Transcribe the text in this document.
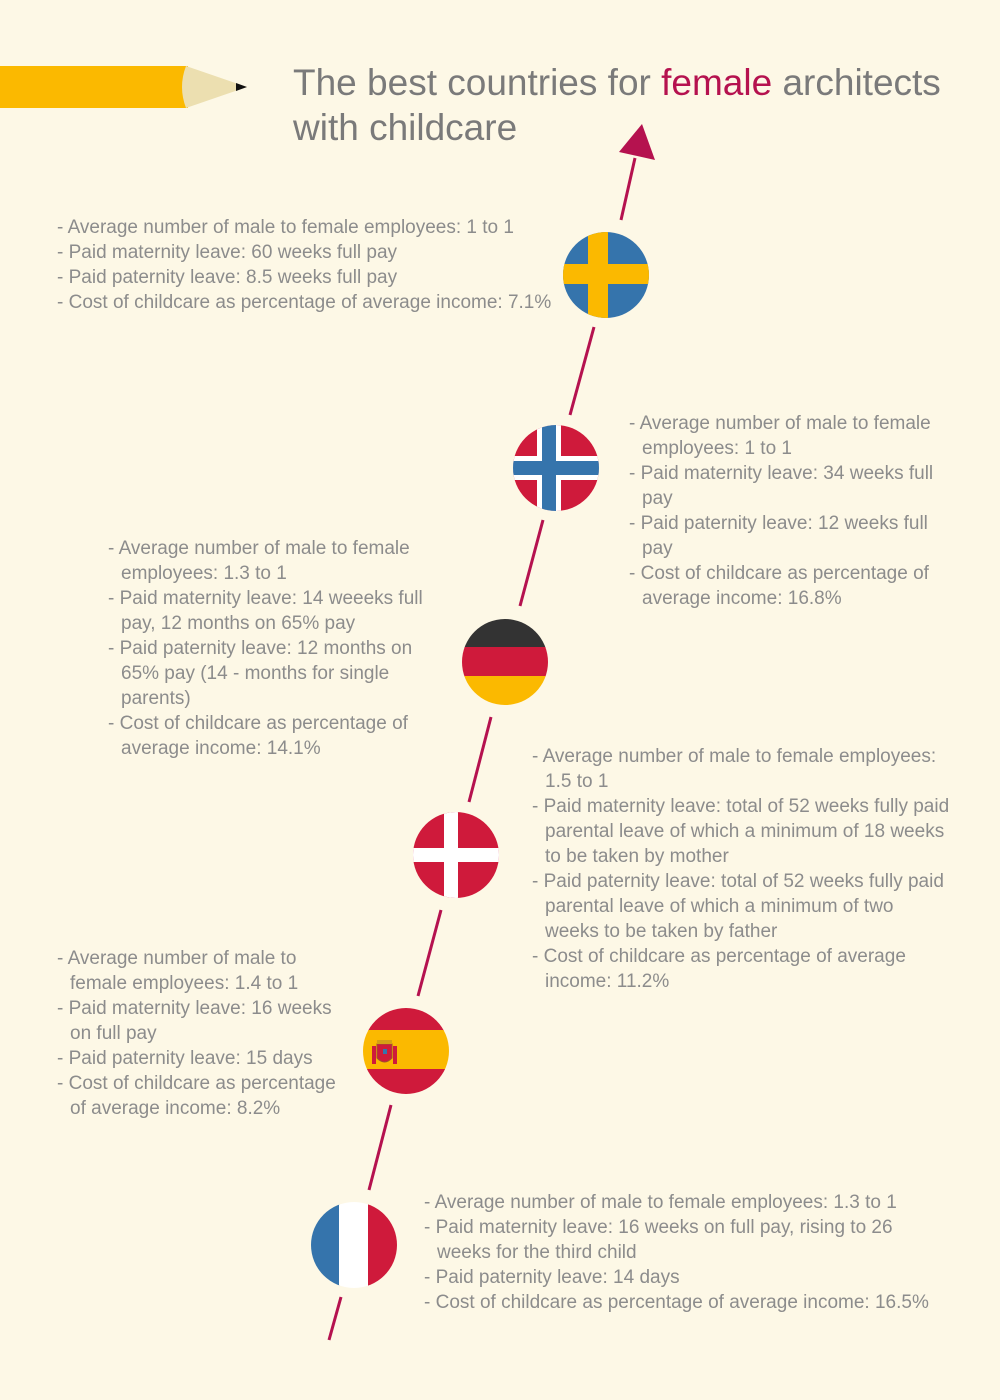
The best countries for female architects
with childcare
- Average number of male to female employees: 1 to 1
- Paid maternity leave: 60 weeks full pay
- Paid paternity leave: 8.5 weeks full pay
- Cost of childcare as percentage of average income: 7.1%
- Average number of male to female employees: 1 to 1
- Paid maternity leave: 34 weeks full pay
- Paid paternity leave: 12 weeks full pay
- Cost of childcare as percentage of average income: 16.8%
- Average number of male to female employees: 1.3 to 1
- Paid maternity leave: 14 weeeks full pay, 12 months on 65% pay
- Paid paternity leave: 12 months on 65% pay (14 - months for single parents)
- Cost of childcare as percentage of average income: 14.1%
-	Average number of male to female employees: 1.5 to 1
- Paid maternity leave: total of 52 weeks fully paid parental leave of which a minimum of 18 weeks to be taken by mother
- Paid paternity leave: total of 52 weeks fully paid parental leave of which a minimum of two weeks to be taken by father
- Cost of childcare as percentage of average income: 11.2%
- Average number of male to female employees: 1.4 to 1
- Paid maternity leave: 16 weeks on full pay
- Paid paternity leave: 15 days
- Cost of childcare as percentage of average income: 8.2%
- Average number of male to female employees: 1.3 to 1
- Paid maternity leave: 16 weeks on full pay, rising to 26 weeks for the third child
- Paid paternity leave: 14 days
- Cost of childcare as percentage of average income: 16.5%
